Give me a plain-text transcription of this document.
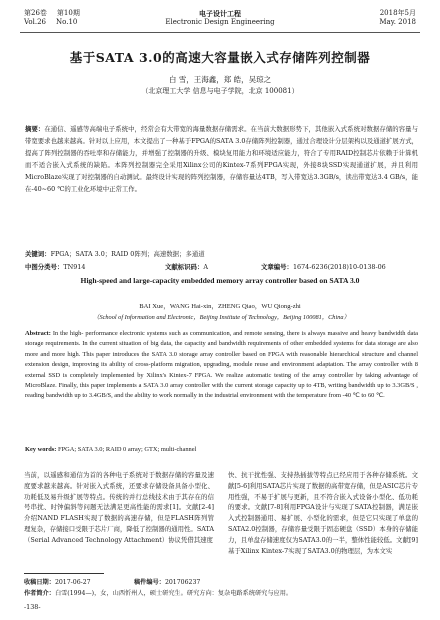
第26卷 第10期
Vol.26 No.10
电子设计工程
Electronic Design Engineering
2018年5月
May. 2018
基于SATA 3.0的高速大容量嵌入式存储阵列控制器
白 雪，王海鑫，郑 皓，吴琼之
（北京理工大学 信息与电子学院，北京 100081）
摘要：在通信、遥感等高端电子系统中，经常会有大带宽的海量数据存储需求。在当前大数据形势下，其他嵌入式系统对数据存储的容量与带宽要求也越来越高。针对以上应用，本文提出了一种基于FPGA的SATA 3.0存储阵列控制器，通过合理设计分层架构以及通道扩展方式，提高了阵列控制器的吞吐率和存储能力，并增强了控制器的升级、模块复用能力和环境适应能力，符合了专用RAID控制芯片依赖于计算机而不适合嵌入式系统的缺陷。本阵列控制器完全采用Xilinx公司的Kintex-7系列FPGA实现，外接8块SSD实现通道扩展，并且利用MicroBlaze实现了对控制器的自动测试。最终设计实现的阵列控制器，存储容量达4TB，写入带宽达3.3GB/s，读出带宽达3.4 GB/s，能在-40~60 ℃的工业化环境中正常工作。
关键词：FPGA；SATA 3.0；RAID 0阵列；高速数据；多通道
中图分类号：TN914	文献标识码：A	文章编号：1674-6236(2018)10-0138-06
High-speed and large-capacity embedded memory array controller based on SATA 3.0
BAI Xue，WANG Hai-xin，ZHENG Qiao，WU Qiong-zhi
（School of Information and Electronic，Beijing Institute of Technology，Beijing 100081，China）
Abstract: In the high- performance electronic systems such as communication, and remote sensing, there is always massive and heavy bandwidth data storage requirements. In the current situation of big data, the capacity and bandwidth requirements of other embedded systems for data storage are also more and more high. This paper introduces the SATA 3.0 storage array controller based on FPGA with reasonable hierarchical structure and channel extension design, improving its ability of cross-platform migration, upgrading, module reuse and environment adaptation. The array controller with 8 external SSD is completely implemented by Xilinx's Kintex-7 FPGA. We realize automatic testing of the array controller by taking advantage of MicroBlaze. Finally, this paper implements a SATA 3.0 array controller with the current storage capacity up to 4TB, writing bandwidth up to 3.3GB/S , reading bandwidth up to 3.4GB/S, and the ability to work normally in the industrial environment with the temperature from -40 ℃ to 60 ℃.
Key words: FPGA; SATA 3.0; RAID 0 array; GTX; multi-channel
当前，以遥感和通信为首的各种电子系统对于数据存储的容量及速度要求越来越高。针对嵌入式系统，还要求存储设备具备小型化、功耗低及易升级扩展等特点。传统的并行总线技术由于其存在的信号串扰、时钟偏斜等问题无法满足更高性能的需求[1]。文献[2-4]介绍NAND FLASH实现了数据的高速存储，但是FLASH阵列管理复杂，存储接口受限于芯片厂商，降低了控制器的通用性。SATA（Serial Advanced Technology Attachment）协议凭借其速度
快、抗干扰性强、支持热插拔等特点已经应用于各种存储系统。文献[5-6]利用SATA芯片实现了数据的高带宽存储，但是ASIC芯片专用性强，不易于扩展与更新，且不符合嵌入式设备小型化、低功耗的要求。文献[7-8]利用FPGA设计与实现了SATA控制器，满足嵌入式控制器通用、易扩展、小型化的需求，但是它只实现了单盘的SATA2.0控制器，存储容量受限于固态硬盘（SSD）本身的存储能力，且单盘存储速度仅为SATA3.0的一半，整体性能较低。文献[9]基于Xilinx Kintex-7实现了SATA3.0的物理层，为本文实
收稿日期：2017-06-27	稿件编号：201706237
作者简介：白雪(1994—)，女，山西忻州人，硕士研究生。研究方向：复杂电路系统研究与应用。
-138-
